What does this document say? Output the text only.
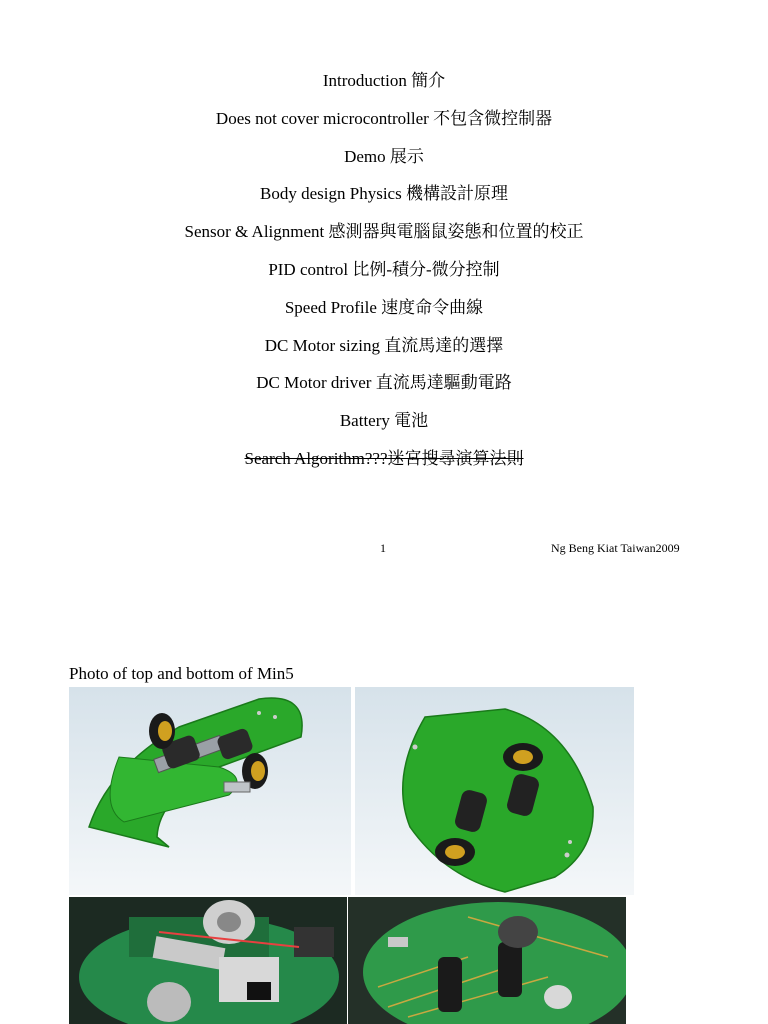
Introduction 簡介
Does not cover microcontroller 不包含微控制器
Demo 展示
Body design Physics 機構設計原理
Sensor & Alignment 感測器與電腦鼠姿態和位置的校正
PID control 比例-積分-微分控制
Speed Profile 速度命令曲線
DC Motor sizing 直流馬達的選擇
DC Motor driver 直流馬達驅動電路
Battery 電池
Search Algorithm???迷宮搜尋演算法則
1	Ng Beng Kiat Taiwan2009
Photo of top and bottom of Min5
